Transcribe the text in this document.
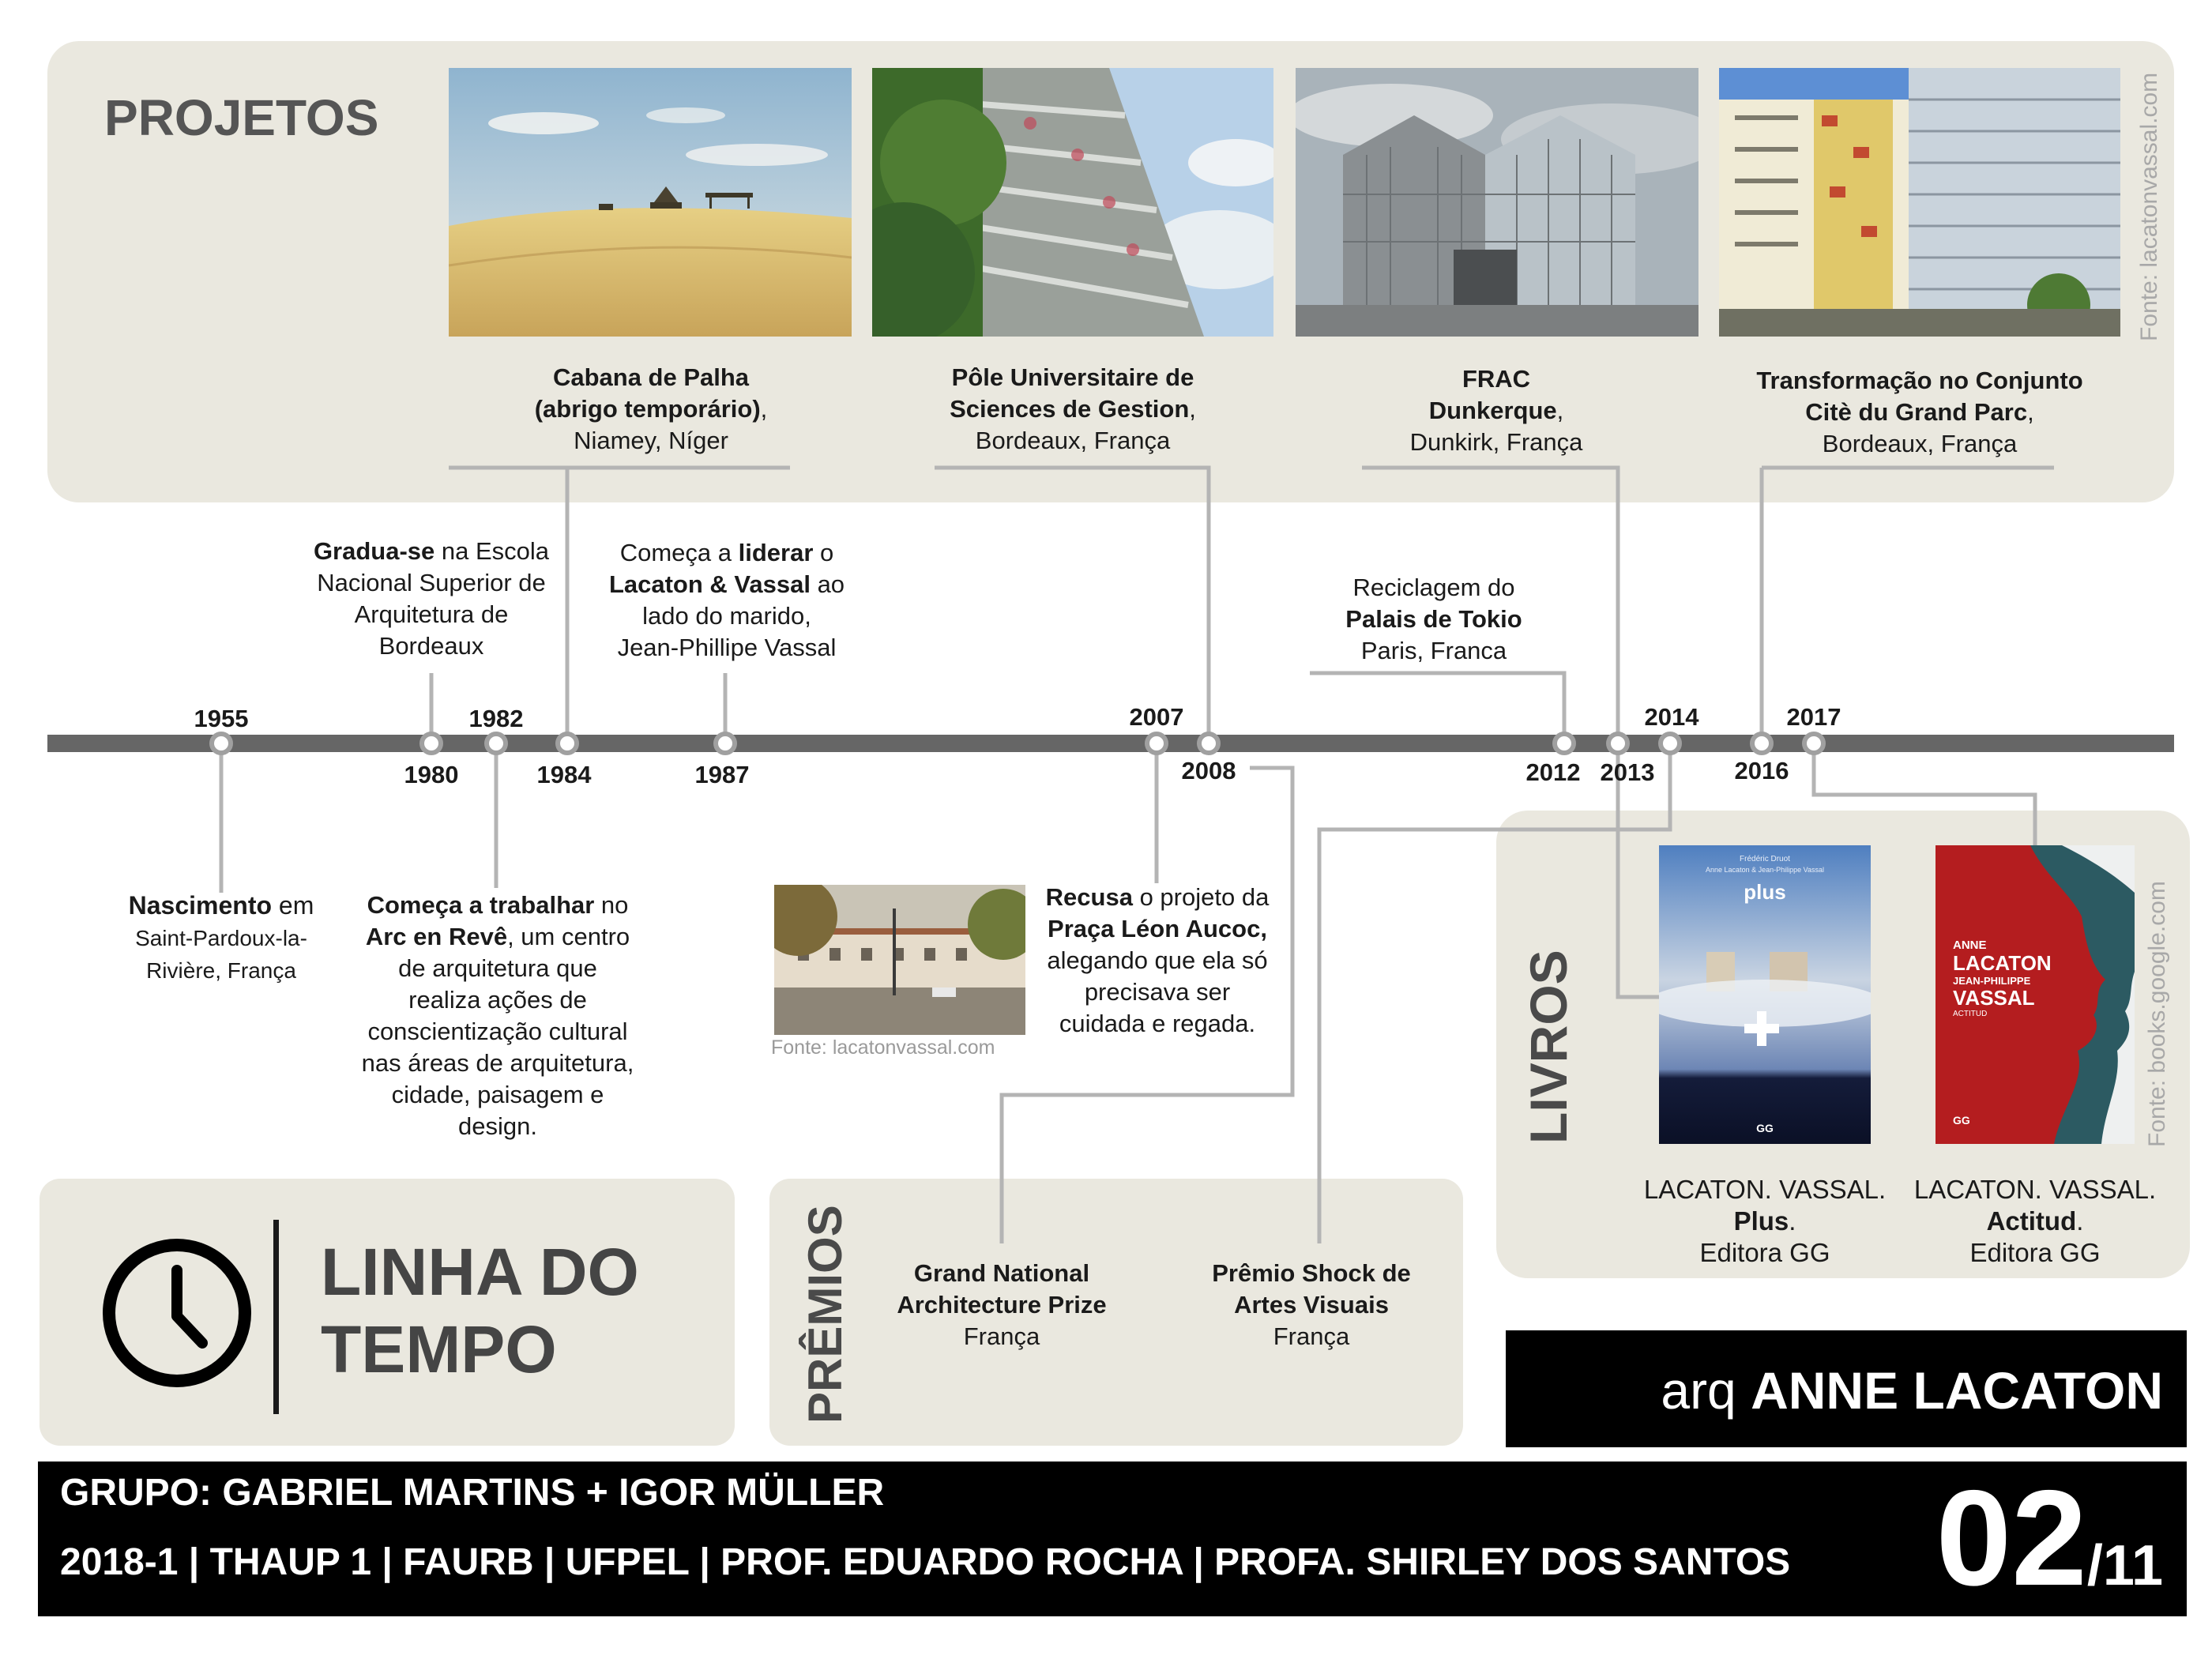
PROJETOS	Fonte: lacatonvassal.com
Cabana de Palha
(abrigo temporário),
Niamey, Níger
Pôle Universitaire de
Sciences de Gestion,
Bordeaux, França
FRAC
Dunkerque,
Dunkirk, França
Transformação no Conjunto
Citè du Grand Parc,
Bordeaux, França
Gradua-se na Escola
Nacional Superior de
Arquitetura de
Bordeaux
Começa a liderar o
Lacaton & Vassal ao
lado do marido,
Jean-Phillipe Vassal
Reciclagem do
Palais de Tokio
Paris, Franca
1955
1980
1982
1984	1987
2007
2008	2012 2013
2014
2016
2017
Nascimento em
Saint-Pardoux-la-
Rivière, França
Começa a trabalhar no
Arc en Revê, um centro
de arquitetura que
realiza ações de
conscientização cultural
nas áreas de arquitetura,
cidade, paisagem e
design.
Fonte: lacatonvassal.com
Recusa o projeto da
Praça Léon Aucoc,
alegando que ela só
precisava ser
cuidada e regada.	LIVROS
Frédéric Druot
Anne Lacaton & Jean-Philippe Vassal
plus
GG
ANNE
LACATON
JEAN-PHILIPPE
VASSAL
ACTITUD
GG	Fonte: books.google.com
LACATON. VASSAL.
Plus.
Editora GG
LACATON. VASSAL.
Actitud.
Editora GG
LINHA DO
TEMPO	PRÊMIOS	Grand National
Architecture Prize
França
Prêmio Shock de
Artes Visuais
França
arq ANNE LACATON
GRUPO: GABRIEL MARTINS + IGOR MÜLLER
2018-1 | THAUP 1 | FAURB | UFPEL | PROF. EDUARDO ROCHA | PROFA. SHIRLEY DOS SANTOS 02/11
